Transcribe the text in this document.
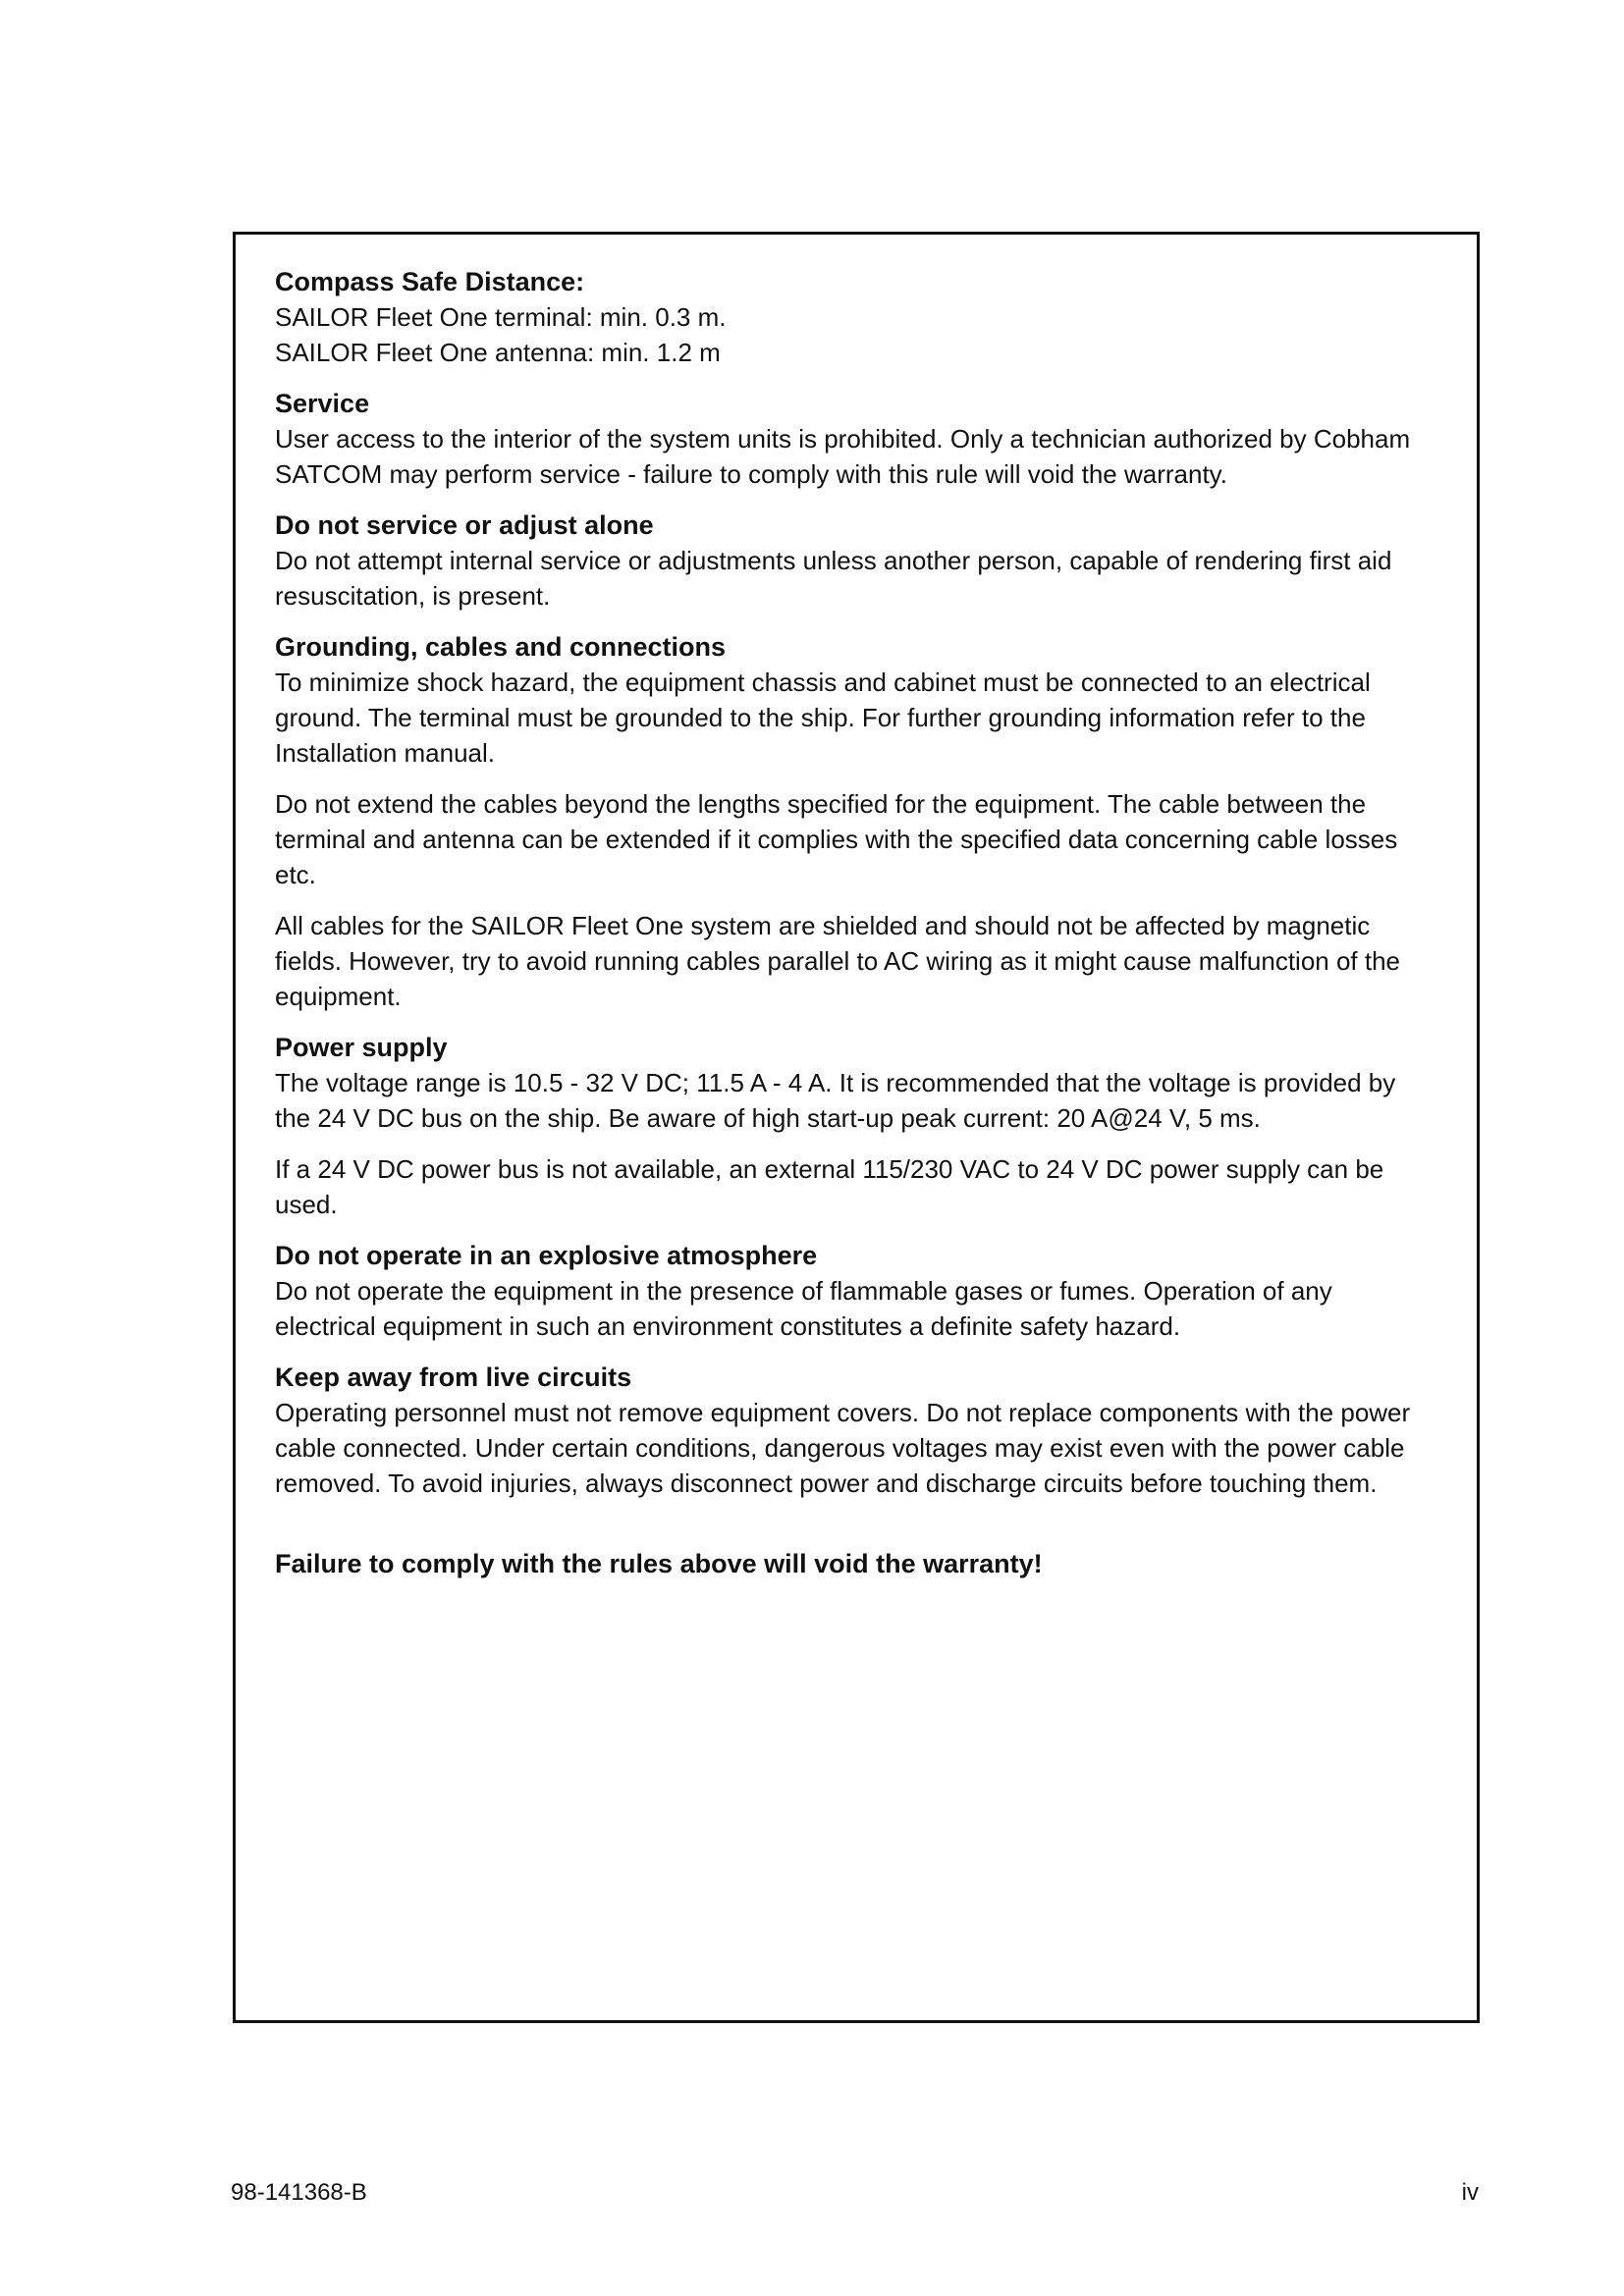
Compass Safe Distance:

SAILOR Fleet One terminal: min. 0.3 m.

SAILOR Fleet One antenna: min. 1.2 m

Service

User access to the interior of the system units is prohibited. Only a technician authorized by Cobham SATCOM may perform service - failure to comply with this rule will void the warranty.

Do not service or adjust alone

Do not attempt internal service or adjustments unless another person, capable of rendering first aid resuscitation, is present.

Grounding, cables and connections

To minimize shock hazard, the equipment chassis and cabinet must be connected to an electrical ground. The terminal must be grounded to the ship. For further grounding information refer to the Installation manual.

Do not extend the cables beyond the lengths specified for the equipment. The cable between the terminal and antenna can be extended if it complies with the specified data concerning cable losses etc.

All cables for the SAILOR Fleet One system are shielded and should not be affected by magnetic fields. However, try to avoid running cables parallel to AC wiring as it might cause malfunction of the equipment.

Power supply

The voltage range is 10.5 - 32 V DC; 11.5 A - 4 A. It is recommended that the voltage is provided by the 24 V DC bus on the ship. Be aware of high start-up peak current: 20 A@24 V, 5 ms.

If a 24 V DC power bus is not available, an external 115/230 VAC to 24 V DC power supply can be used.

Do not operate in an explosive atmosphere

Do not operate the equipment in the presence of flammable gases or fumes. Operation of any electrical equipment in such an environment constitutes a definite safety hazard.

Keep away from live circuits

Operating personnel must not remove equipment covers. Do not replace components with the power cable connected. Under certain conditions, dangerous voltages may exist even with the power cable removed. To avoid injuries, always disconnect power and discharge circuits before touching them.

Failure to comply with the rules above will void the warranty!

98-141368-B	iv
